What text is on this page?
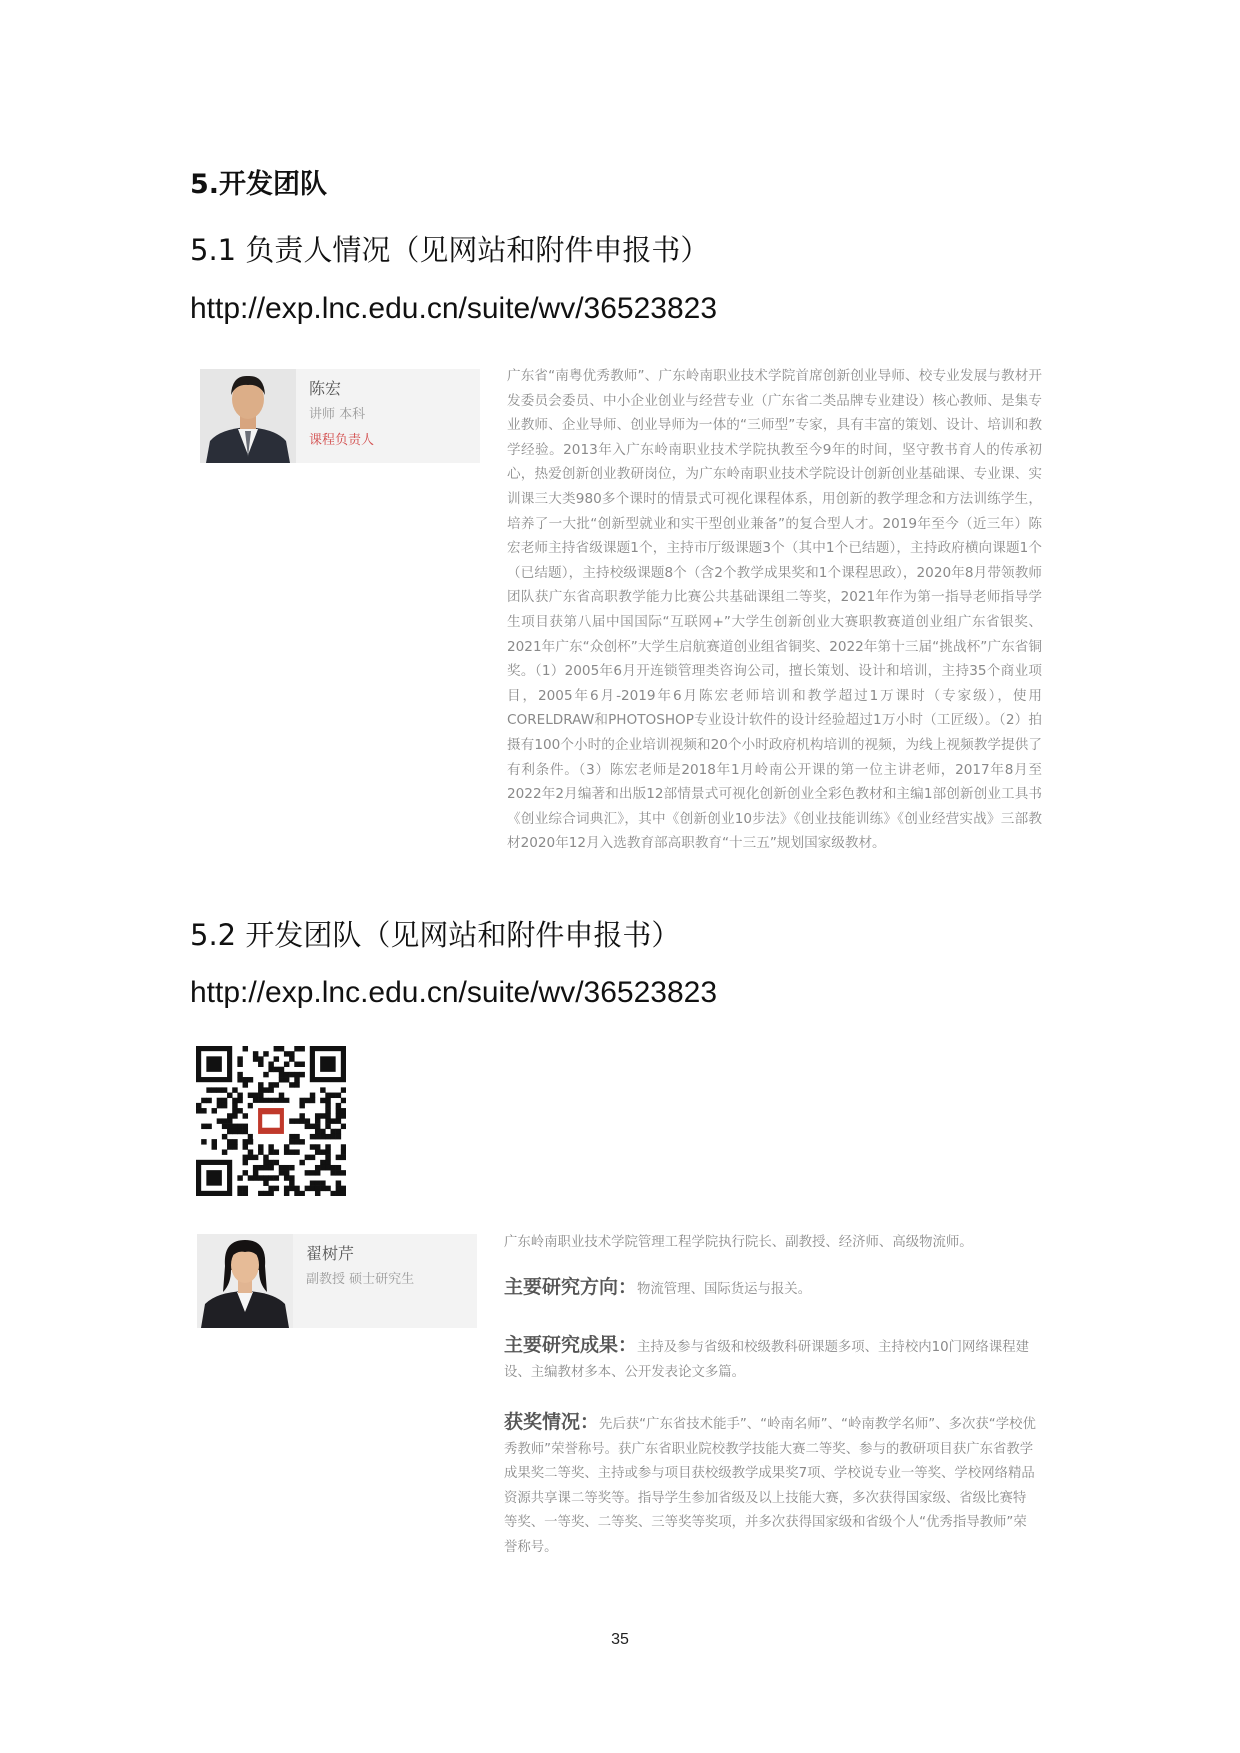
5.开发团队
5.1 负责人情况（见网站和附件申报书）
http://exp.lnc.edu.cn/suite/wv/36523823
陈宏
讲师 本科
课程负责人
广东省“南粤优秀教师”、广东岭南职业技术学院首席创新创业导师、校专业发展与教材开发委员会委员、中小企业创业与经营专业（广东省二类品牌专业建设）核心教师、是集专业教师、企业导师、创业导师为一体的“三师型”专家，具有丰富的策划、设计、培训和教学经验。2013年入广东岭南职业技术学院执教至今9年的时间，坚守教书育人的传承初心，热爱创新创业教研岗位，为广东岭南职业技术学院设计创新创业基础课、专业课、实训课三大类980多个课时的情景式可视化课程体系，用创新的教学理念和方法训练学生，培养了一大批“创新型就业和实干型创业兼备”的复合型人才。2019年至今（近三年）陈宏老师主持省级课题1个，主持市厅级课题3个（其中1个已结题），主持政府横向课题1个（已结题），主持校级课题8个（含2个教学成果奖和1个课程思政），2020年8月带领教师团队获广东省高职教学能力比赛公共基础课组二等奖，2021年作为第一指导老师指导学生项目获第八届中国国际“互联网+”大学生创新创业大赛职教赛道创业组广东省银奖、2021年广东“众创杯”大学生启航赛道创业组省铜奖、2022年第十三届“挑战杯”广东省铜奖。（1）2005年6月开连锁管理类咨询公司，擅长策划、设计和培训，主持35个商业项目，2005年6月-2019年6月陈宏老师培训和教学超过1万课时（专家级），使用CORELDRAW和PHOTOSHOP专业设计软件的设计经验超过1万小时（工匠级）。（2）拍摄有100个小时的企业培训视频和20个小时政府机构培训的视频，为线上视频教学提供了有利条件。（3）陈宏老师是2018年1月岭南公开课的第一位主讲老师，2017年8月至2022年2月编著和出版12部情景式可视化创新创业全彩色教材和主编1部创新创业工具书《创业综合词典汇》，其中《创新创业10步法》《创业技能训练》《创业经营实战》三部教材2020年12月入选教育部高职教育“十三五”规划国家级教材。
5.2 开发团队（见网站和附件申报书）
http://exp.lnc.edu.cn/suite/wv/36523823
翟树芹
副教授 硕士研究生
广东岭南职业技术学院管理工程学院执行院长、副教授、经济师、高级物流师。
主要研究方向：物流管理、国际货运与报关。
主要研究成果：主持及参与省级和校级教科研课题多项、主持校内10门网络课程建设、主编教材多本、公开发表论文多篇。
获奖情况：先后获“广东省技术能手”、“岭南名师”、“岭南教学名师”、多次获“学校优秀教师”荣誉称号。获广东省职业院校教学技能大赛二等奖、参与的教研项目获广东省教学成果奖二等奖、主持或参与项目获校级教学成果奖7项、学校说专业一等奖、学校网络精品资源共享课二等奖等。指导学生参加省级及以上技能大赛，多次获得国家级、省级比赛特等奖、一等奖、二等奖、三等奖等奖项，并多次获得国家级和省级个人“优秀指导教师”荣誉称号。
35
